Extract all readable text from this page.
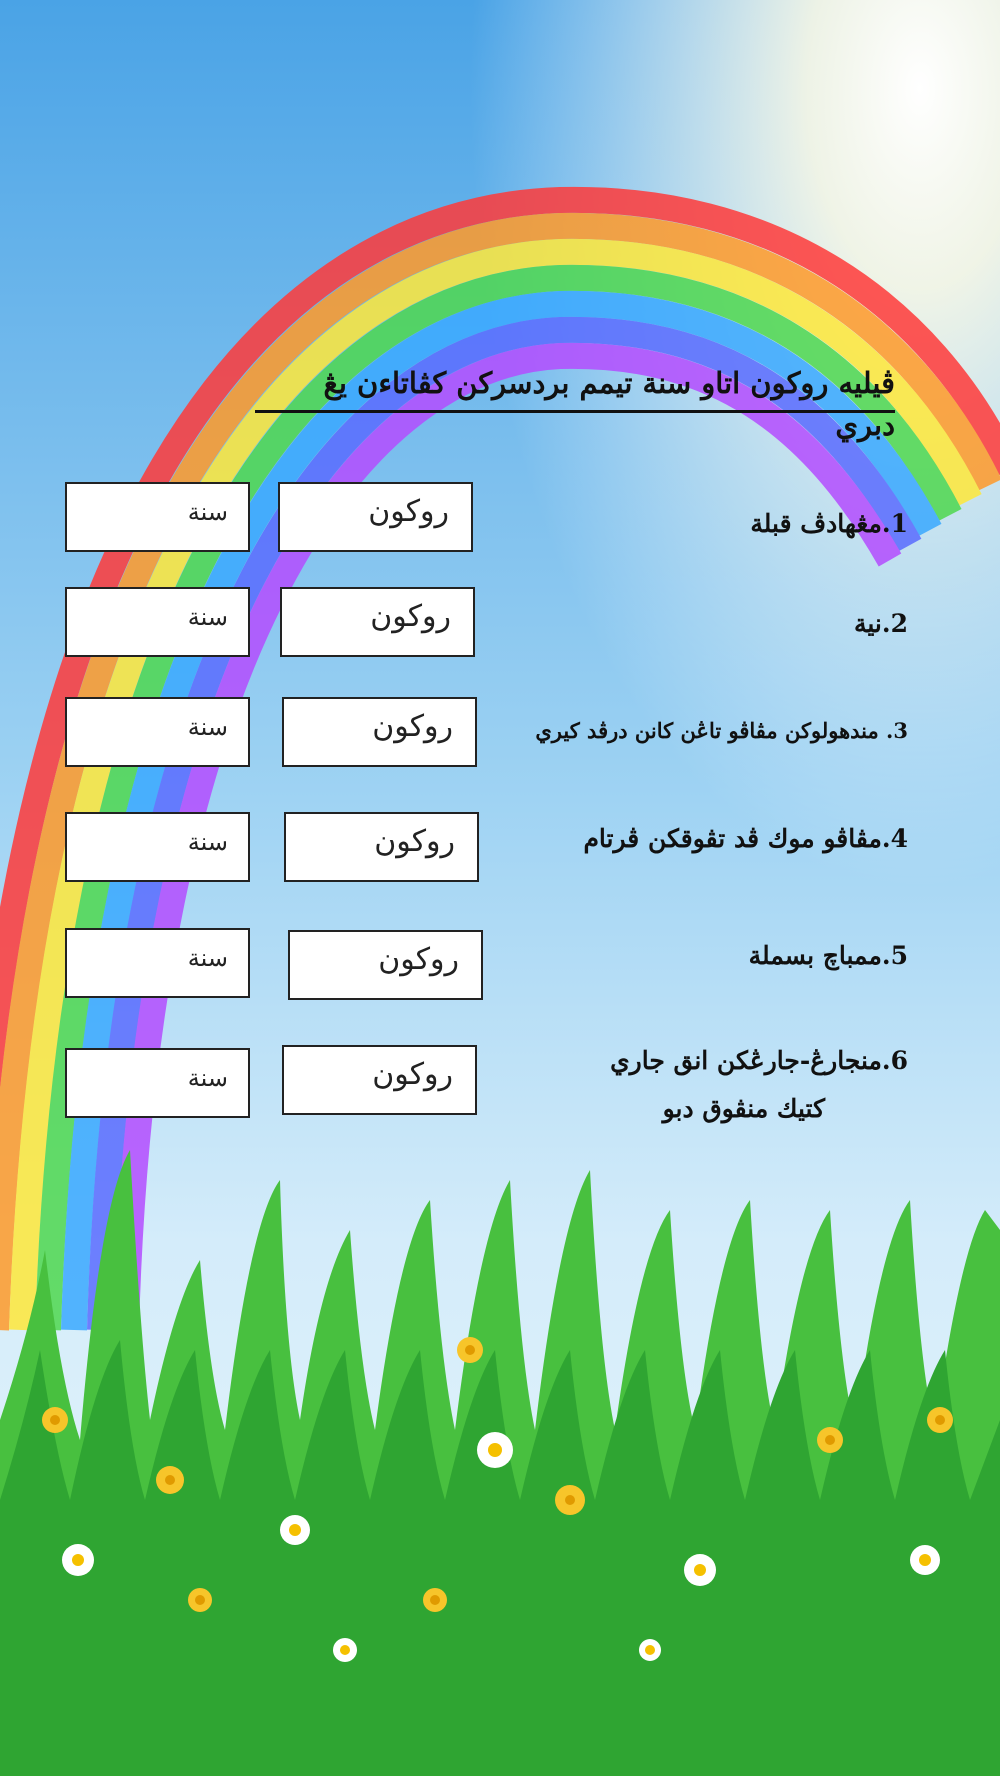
ڤيليه روكون اتاو سنة تيمم بردسركن كڤاتاءن يڠ دبري
1.مڠهادڤ قبلة
روكون
سنة
2.نية
روكون
سنة
3. مندهولوكن مڤاڤو تاڠن كانن درڤد كيري
روكون
سنة
4.مڤاڤو موك ڤد تڤوقكن ڤرتام
روكون
سنة
5.ممباچ بسملة
روكون
سنة
6.منجارڠ-جارڠكن انق جاري
كتيك منڤوق دبو
روكون
سنة
